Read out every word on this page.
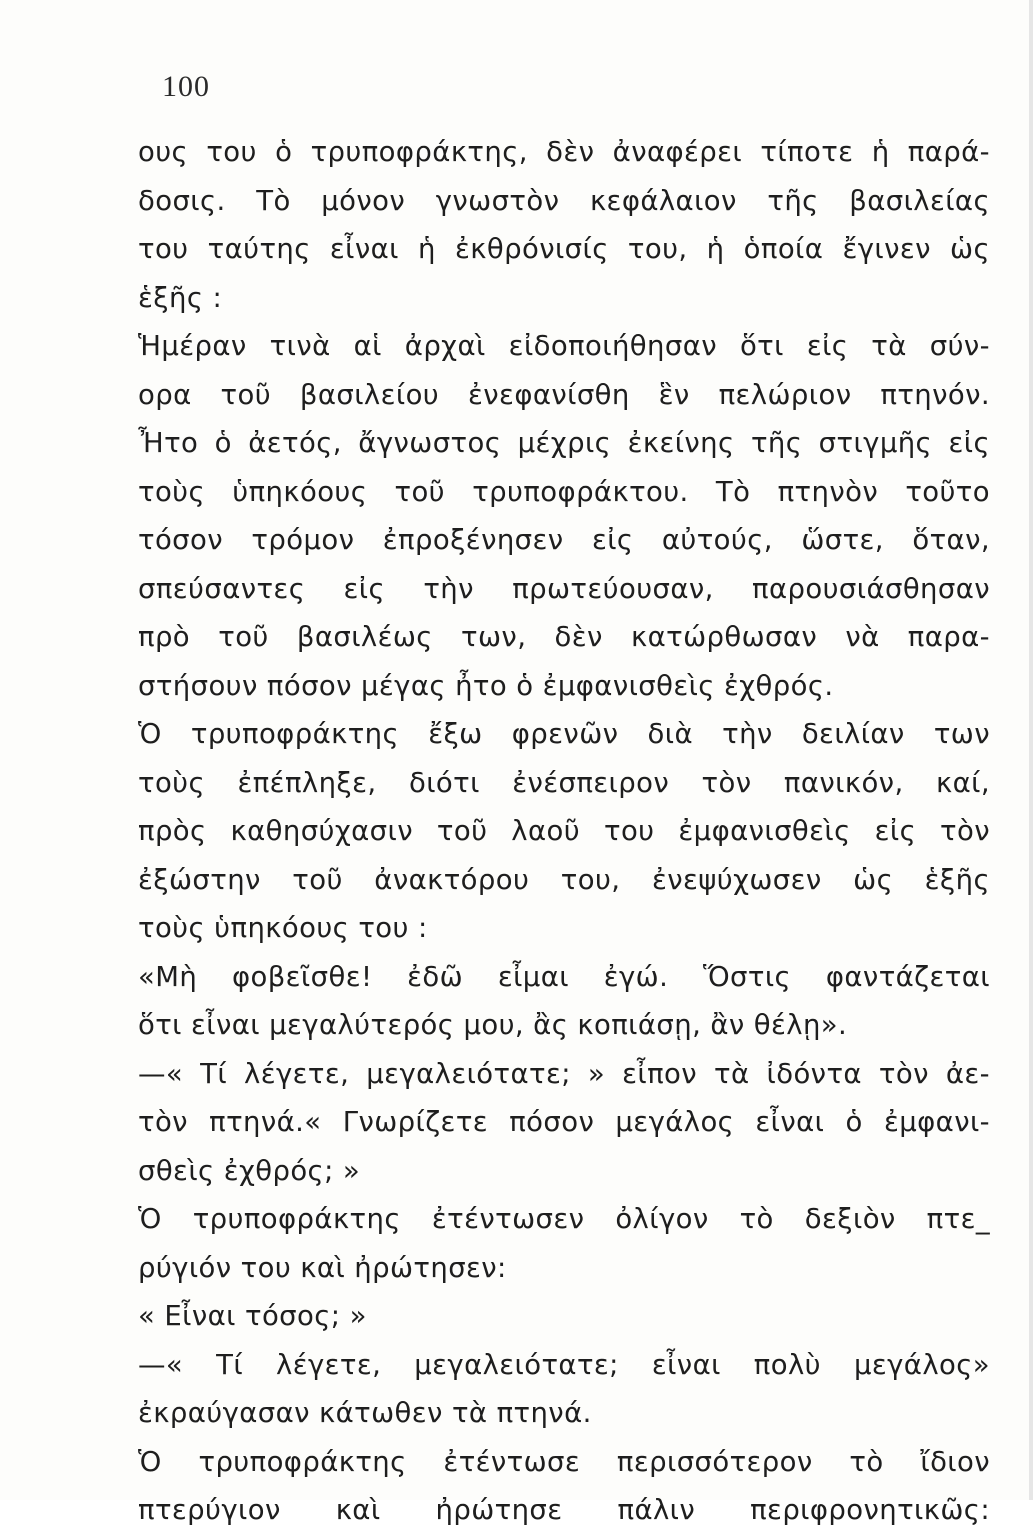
100
ους του ὁ τρυποφράκτης, δὲν ἀναφέρει τίποτε ἡ παρά-
δοσις. Τὸ μόνον γνωστὸν κεφάλαιον τῆς βασιλείας
του ταύτης εἶναι ἡ ἐκθρόνισίς του, ἡ ὁποία ἔγινεν ὡς
ἑξῆς :
Ἡμέραν τινὰ αἱ ἀρχαὶ εἰδοποιήθησαν ὅτι εἰς τὰ σύν-
ορα τοῦ βασιλείου ἐνεφανίσθη ἓν πελώριον πτηνόν.
Ἦτο ὁ ἀετός, ἄγνωστος μέχρις ἐκείνης τῆς στιγμῆς εἰς
τοὺς ὑπηκόους τοῦ τρυποφράκτου. Τὸ πτηνὸν τοῦτο
τόσον τρόμον ἐπροξένησεν εἰς αὐτούς, ὥστε, ὅταν,
σπεύσαντες εἰς τὴν πρωτεύουσαν, παρουσιάσθησαν
πρὸ τοῦ βασιλέως των, δὲν κατώρθωσαν νὰ παρα-
στήσουν πόσον μέγας ἦτο ὁ ἐμφανισθεὶς ἐχθρός.
Ὁ τρυποφράκτης ἔξω φρενῶν διὰ τὴν δειλίαν των
τοὺς ἐπέπληξε, διότι ἐνέσπειρον τὸν πανικόν, καί,
πρὸς καθησύχασιν τοῦ λαοῦ του ἐμφανισθεὶς εἰς τὸν
ἐξώστην τοῦ ἀνακτόρου του, ἐνεψύχωσεν ὡς ἑξῆς
τοὺς ὑπηκόους του :
«Μὴ φοβεῖσθε! ἐδῶ εἶμαι ἐγώ. Ὅστις φαντάζεται
ὅτι εἶναι μεγαλύτερός μου, ἂς κοπιάσῃ, ἂν θέλῃ».
—« Τί λέγετε, μεγαλειότατε; » εἶπον τὰ ἰδόντα τὸν ἀε-
τὸν πτηνά.« Γνωρίζετε πόσον μεγάλος εἶναι ὁ ἐμφανι-
σθεὶς ἐχθρός; »
Ὁ τρυποφράκτης ἐτέντωσεν ὀλίγον τὸ δεξιὸν πτε_
ρύγιόν του καὶ ἠρώτησεν:
« Εἶναι τόσος; »
—« Τί λέγετε, μεγαλειότατε; εἶναι πολὺ μεγάλος»
ἐκραύγασαν κάτωθεν τὰ πτηνά.
Ὁ τρυποφράκτης ἐτέντωσε περισσότερον τὸ ἴδιον
πτερύγιον καὶ ἠρώτησε πάλιν περιφρονητικῶς:
